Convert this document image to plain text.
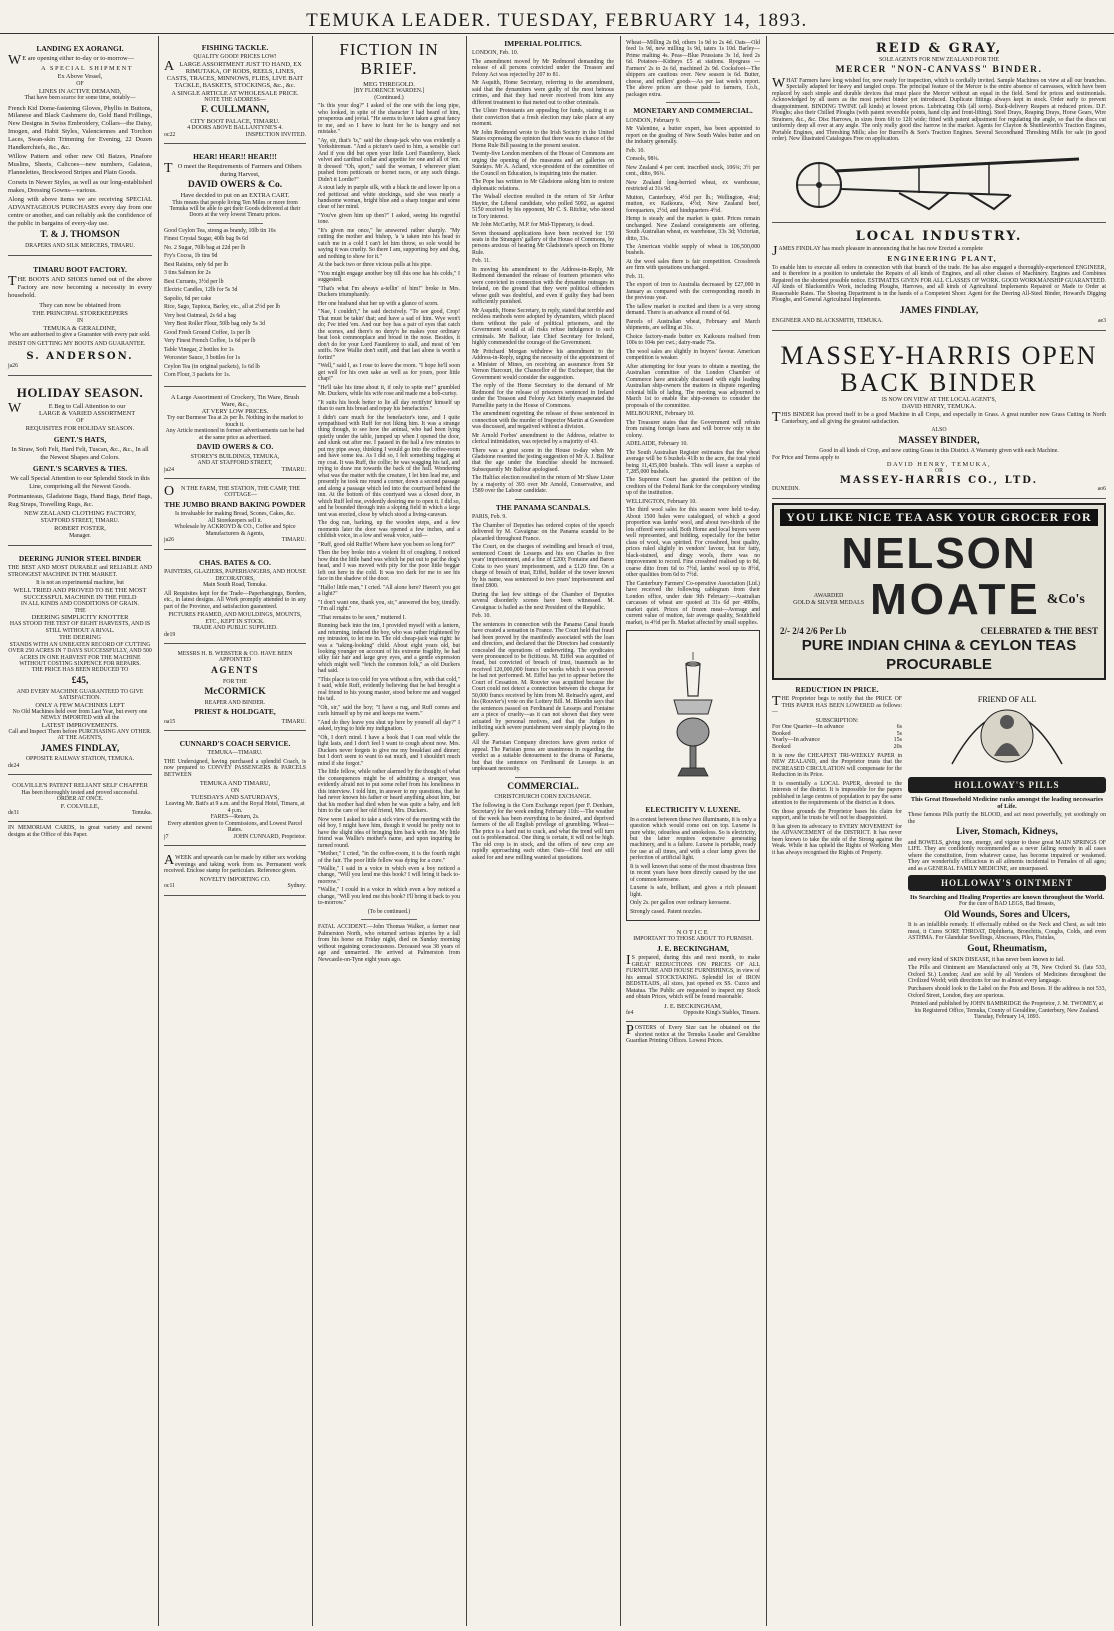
TEMUKA LEADER. TUESDAY, FEBRUARY 14, 1893.
LANDING EX AORANGI.
WE are opening either to-day or to-morrow—
A SPECIAL SHIPMENT
Ex Above Vessel,
OF
LINES IN ACTIVE DEMAND,
That have been scarce for some time, notably—
French Kid Dome-fastening Gloves, Phyllis in Buttons, Milanese and Black Cashmere do, Gold Band Frillings, New Designs in Swiss Embroidery, Collars—the Daisy, Imogen, and Habit Styles, Valenciennes and Torchon Laces, Swan-skin Trimming for Evening, 22 Dozen Handkerchiefs, &c., &c.
Willow Pattern and other new Oil Baizes, Pinafore Muslins, Sheets, Calicoes—new numbers, Galateas, Flannelettes, Brockwood Stripes and Plain Goods.
Corsets in Newer Styles, as well as our long-established makes, Dressing Gowns—various.
Along with above items we are receiving SPECIAL ADVANTAGEOUS PURCHASES every day from one centre or another, and can reliably ask the confidence of the public in bargains of every-day use.
T. & J. THOMSON
DRAPERS AND SILK MERCERS, TIMARU.
TIMARU BOOT FACTORY.
THE BOOTS AND SHOES turned out of the above Factory are now becoming a necessity in every household.
They can now be obtained from
THE PRINCIPAL STOREKEEPERS
IN
TEMUKA & GERALDINE,
Who are authorised to give a Guarantee with every pair sold.
INSIST ON GETTING MY BOOTS AND GUARANTEE.
S. ANDERSON.
ja26
HOLIDAY SEASON.
WE Beg to Call Attention to our
LARGE & VARIED ASSORTMENT
OF
REQUISITES FOR HOLIDAY SEASON.
GENT.'S HATS,
In Straw, Soft Felt, Hard Felt, Tuscan, &c., &c., In all the Newest Shapes and Colors.
GENT.'S SCARVES & TIES.
We call Special Attention to our Splendid Stock in this Line, comprising all the Newest Goods.
Portmanteaus, Gladstone Bags, Hand Bags, Brief Bags, Rug Straps, Travelling Rugs, &c.
NEW ZEALAND CLOTHING FACTORY,
STAFFORD STREET, TIMARU.
ROBERT FOSTER,
Manager.
DEERING JUNIOR STEEL BINDER
THE BEST AND MOST DURABLE and RELIABLE AND STRONGEST MACHINE IN THE MARKET.
It is not an experimental machine, but
WELL TRIED AND PROVED TO BE THE MOST SUCCESSFUL MACHINE IN THE FIELD
IN ALL KINDS AND CONDITIONS OF GRAIN.
THE
DEERING SIMPLICITY KNOTTER
HAS STOOD THE TEST OF EIGHT HARVESTS, AND IS STILL WITHOUT A RIVAL.
THE DEERING
STANDS WITH AN UNBEATEN RECORD OF CUTTING OVER 250 ACRES IN 7 DAYS SUCCESSFULLY, AND 500 ACRES IN ONE HARVEST FOR THE MACHINE WITHOUT COSTING SIXPENCE FOR REPAIRS.
THE PRICE HAS BEEN REDUCED TO
£45,
AND EVERY MACHINE GUARANTEED TO GIVE SATISFACTION.
ONLY A FEW MACHINES LEFT
No Old Machines held over from Last Year, but every one NEWLY IMPORTED with all the
LATEST IMPROVEMENTS.
Call and Inspect Them before PURCHASING ANY OTHER.
AT THE AGENTS,
JAMES FINDLAY,
OPPOSITE RAILWAY STATION, TEMUKA.
de24
COLVILLE'S PATENT RELIANT SELF CHAFFER
Has been thoroughly tested and proved successful.
ORDER AT ONCE.
F. COLVILLE,
de31	Temuka.
IN MEMORIAM CARDS, in great variety and newest designs at the Office of this Paper.
FISHING TACKLE.
QUALITY GOOD! PRICES LOW!
ALARGE ASSORTMENT JUST TO HAND, EX RIMUTAKA, OF RODS, REELS, LINES, CASTS, TRACES, MINNOWS, FLIES, LIVE BAIT TACKLE, BASKETS, STOCKINGS, &c., &c.
A SINGLE ARTICLE AT WHOLESALE PRICE.
NOTE THE ADDRESS—
F. CULLMANN,
CITY BOOT PALACE, TIMARU.
4 DOORS ABOVE BALLANTYNE'S 4.
oc22	INSPECTION INVITED.
HEAR! HEAR!! HEAR!!!
TO meet the Requirements of Farmers and Others during Harvest,
DAVID OWERS & Co.
Have decided to put on an EXTRA CART.
This means that people living Ten Miles or more from Temuka will be able to get their Goods delivered at their Doors at the very lowest Timaru prices.
Good Ceylon Tea, strong as brandy, 10lb tin 16s
Finest Crystal Sugar, 40lb bag 9s 6d
No. 2 Sugar, 70lb bag at 22d per lb
Fry's Cocoa, 1b tins 9d
Best Raisins, only 6d per lb
3 tins Salmon for 2s
Best Currants, 3½d per lb
Electric Candles, 12lb for 5s 3d
Sapolio, 6d per cake
Rice, Sago, Tapioca, Barley, etc., all at 2½d per lb
Very best Oatmeal, 2s 6d a bag
Very Best Roller Flour, 50lb bag only 5s 3d
Good Fresh Ground Coffee, 1s per lb
Very Finest French Coffee, 1s 6d per lb
Table Vinegar, 2 bottles for 1s
Worcester Sauce, 3 bottles for 1s
Ceylon Tea (in original packets), 1s 6d lb
Corn Flour, 3 packets for 1s.
A Large Assortment of Crockery, Tin Ware, Brush Ware, &c.,
AT VERY LOW PRICES.
Try our Burmese Tea at 2s per lb. Nothing in the market to touch it.
Any Article mentioned in former advertisements can be had at the same price as advertised.
DAVID OWERS & CO.
STOREY'S BUILDINGS, TEMUKA,
AND AT STAFFORD STREET,
ja24	TIMARU.
ON THE FARM, THE STATION, THE CAMP, THE COTTAGE—
THE JUMBO BRAND BAKING POWDER
Is invaluable for making Bread, Scones, Cakes, &c.
All Storekeepers sell it.
Wholesale by ACKROYD & CO., Coffee and Spice Manufacturers & Agents,
ja26	TIMARU.
CHAS. BATES & CO.
PAINTERS, GLAZIERS, PAPERHANGERS, AND HOUSE DECORATORS,
Main South Road, Temuka.
All Requisites kept for the Trade—Paperhangings, Borders, etc., in latest designs. All Work promptly attended to in any part of the Province, and satisfaction guaranteed.
PICTURES FRAMED, AND MOULDINGS, MOUNTS, ETC., KEPT IN STOCK.
TRADE AND PUBLIC SUPPLIED.
de19
MESSRS H. B. WEBSTER & CO. HAVE BEEN APPOINTED
AGENTS
FOR THE
McCORMICK
REAPER AND BINDER.
PRIEST & HOLDGATE,
oa15	TIMARU.
CUNNARD'S COACH SERVICE.
TEMUKA—TIMARU.
THE Undersigned, having purchased a splendid Coach, is now prepared to CONVEY PASSENGERS & PARCELS BETWEEN
TEMUKA AND TIMARU,
ON
TUESDAYS AND SATURDAYS,
Leaving Mr. Batt's at 9 a.m. and the Royal Hotel, Timaru, at 4 p.m.
FARES—Return, 2s.
Every attention given to Commissions, and Lowest Parcel Rates.
j7	JOHN CUNNARD, Proprietor.
AWEEK and upwards can be made by either sex working evenings and taking work from us. Permanent work received. Enclose stamp for particulars. Reference given.
NOVELTY IMPORTING CO.
oc11	Sydney.
FICTION IN BRIEF.
MEG THREGOLD.
[BY FLORENCE WARDEN.]
(Continued.)
"Is this your dog?" I asked of the one with the long pipe, who looked, in spite of the character I had heard of him, prosperous and jovial. "He seems to have taken a great fancy to me, and so I have to hunt for he is hungry and not mistake."
"Ay, sir, that's 'is," said the cheap-jack who was evidently a Yorkshireman. "And a picture's used to him, a sensible cur! And if you did but open your little Lord Fauntleroy, black velvet and cardinal collar and appetite for one and all of 'em. It dressed "Oh, sport," said the woman, I wherever plant pushed from petticoats or hornet races, or any such things. Didn't it Lordie?"
A stout lady in purple silk, with a black tie and lower lip on a red petticoat and white stockings, said she was nearly a handsome woman, bright blue and a sharp tongue and some clear of her mind.
"You've given him up then?" I asked, seeing his regretful tone.
"It's given me once," he answered rather sharply. "My cutting the mother and bishop, 'a 'a taken into his head to catch me in a cold I can't let him throw, so sole would be saying it was cruelty. So there I am, supporting boy and dog, and nothing to show for it."
At the back two or three vicious pulls at his pipe.
"You might engage another boy till this one has his colds," I suggested.
"That's what I'm always a-tellin' of him!" broke in Mrs. Duckers triumphantly.
Her one husband shut her up with a glance of scorn.
"Nae, I couldn't," he said decisively. "To see good, Crop! That must be takin' that; and have a sad of him. Wye won't do; I've tried 'em. And our boy has a pair of eyes that catch the scenes, and there's no deny'n he makes your ordinary beat look commonplace and broad in the nose. Besides, it don't do for your Lord Fauntleroy to stall, and most of 'em sniffs. Now Wallie don't sniff, and that last alone is worth a fortin!"
"Well," said I, as I rose to leave the room. "I hope he'll soon get well for his own sake as well as for yours, poor little chap!"
"He'll take his time about it, if only to spite me!" grumbled Mr. Duckers, while his wife rose and made me a bob-curtsy.
"It suits his book better to lie all day rectifyin' himself up than to earn his bread and repay his benefactors."
I didn't care much for the benefactor's tone, and I quite sympathised with Ruff for not liking him. It was a strange thing though, to see how the animal, who had been lying quietly under the table, jumped up when I opened the door, and slunk out after me. I paused in the hall a few minutes to put my pipe away, thinking I would go into the coffee-room and have some tea. As I did so, I felt something tugging at my coat. It was Ruff, the collie; he was wagging his tail, and trying to draw me towards the back of the hall. Wondering what was the matter with the creature, I let him lead me, and presently he took me round a corner, down a second passage and along a passage which led into the courtyard behind the inn. At the bottom of this courtyard was a closed door, in which Ruff led me, evidently desiring me to open it. I did so, and he bounded through into a sloping field in which a large tent was erected, close by which stood a living-caravan.
The dog ran, barking, up the wooden steps, and a few moments later the door was opened a few inches, and a childish voice, in a low and weak voice, said—
"Ruff, good old Ruffie! Where have you been so long for?"
Then the boy broke into a violent fit of coughing. I noticed how thin the little hand was which he put out to pat the dog's head, and I was moved with pity for the poor little beggar left out here in the cold. It was too dark for me to see his face in the shadow of the door.
"Hallo! little man," I cried. "All alone here? Haven't you got a light?"
"I don't want one, thank you, sir," answered the boy, timidly. "I'm all right."
"That remains to be seen," muttered I.
Running back into the inn, I provided myself with a lantern, and returning, induced the boy, who was rather frightened by my intrusion, to let me in. The old cheap-jack was right: he was a "taking-looking" child. About eight years old, but looking younger on account of his extreme fragility, he had silky fair hair and large grey eyes, and a gentle expression which might well "fetch the common folk," as old Duckers had said.
"This place is too cold for you without a fire, with that cold," I said, while Ruff, evidently believing that he had brought a real friend to his young master, stood before me and wagged his tail.
"Oh, sir," said the boy; "I have a rug, and Ruff comes and curls himself up by me and keeps me warm."
"And do they leave you shut up here by yourself all day?" I asked, trying to hide my indignation.
"Oh, I don't mind. I have a book that I can read while the light lasts, and I don't feel I want to cough about now. Mrs. Duckers never forgets to give me my breakfast and dinner; but I don't seem to want to eat much, and I shouldn't much mind if she forgot."
The little fellow, while rather alarmed by the thought of what the consequences might be of admitting a stranger, was evidently afraid not to put some relief from his loneliness in this interview. I told him, in answer to my questions, that he had never known his father or heard anything about him, but that his mother had died when he was quite a baby, and left him to the care of her old friend, Mrs. Duckers.
Now were I asked to take a sick view of the meeting with the old boy, I might have him, though it would be pretty not to have the slight idea of bringing him back with me. My little friend was Wallie's mother's name, and upon inquiring he turned round.
"Mother," I cried, "in the coffee-room, it is the fourth night of the fair. The poor little fellow was dying for a cure."
"Wallie," I said in a voice in which even a boy noticed a change, "Will you lend me this book? I will bring it back to-morrow."
"Wallie," I could in a voice in which even a boy noticed a change, "Will you lend me this book? I'll bring it back to you to-morrow."
(To be continued.)
FATAL ACCIDENT.—John Thomas Walker, a farmer near Palmerston North, who returned serious injuries by a fall from his horse on Friday night, died on Sunday morning without regaining consciousness. Deceased was 38 years of age and unmarried. He arrived at Palmerston from Newcastle-on-Tyne eight years ago.
IMPERIAL POLITICS.
LONDON, Feb. 10.
The amendment moved by Mr Redmond demanding the release of all persons convicted under the Treason and Felony Act was rejected by 207 to 81.
Mr Asquith, Home Secretary, referring to the amendment, said that the dynamiters were guilty of the most heinous crimes, and that they had never received from him any different treatment to that meted out to other criminals.
The Ulster Protestants are appealing for funds, stating it as their conviction that a fresh election may take place at any moment.
Mr John Redmond wrote to the Irish Society in the United States expressing the opinion that there was no chance of the Home Rule Bill passing in the present session.
Twenty-five London members of the House of Commons are urging the opening of the museums and art galleries on Sundays. Mr A. Acland, vice-president of the committee of the Council on Education, is inquiring into the matter.
The Pope has written to Mr Gladstone asking him to restore diplomatic relations.
The Walsall election resulted in the return of Sir Arthur Hayter, the Liberal candidate, who polled 5092, as against 5150 received by his opponent, Mr C. S. Ritchie, who stood in Tory interest.
Mr John McCarthy, M.P. for Mid-Tipperary, is dead.
Seven thousand applications have been received for 150 seats in the Strangers' gallery of the House of Commons, by persons anxious of hearing Mr Gladstone's speech on Home Rule.
Feb. 11.
In moving his amendment to the Address-in-Reply, Mr Redmond demanded the release of fourteen prisoners who were convicted in connection with the dynamite outrages in Ireland, on the ground that they were political offenders whose guilt was doubtful, and even if guilty they had been sufficiently punished.
Mr Asquith, Home Secretary, in reply, stated that terrible and reckless methods were adopted by dynamiters, which placed them without the pale of political prisoners, and the Government would at all risks refuse indulgence to such criminals. Mr Balfour, late Chief Secretary for Ireland, highly commended the courage of the Government.
Mr Pritchard Morgan withdrew his amendment to the Address-in-Reply, urging the necessity of the appointment of a Minister of Mines, on receiving an assurance from Sir Vernon Harcourt, the Chancellor of the Exchequer, that the Government would consider the suggestion.
The reply of the Home Secretary to the demand of Mr Redmond for the release of prisoners sentenced in Ireland under the Treason and Felony Act bitterly exasperated the Parnellite party in the House of Commons.
The amendment regretting the release of those sentenced in connection with the murder of Inspector Martin at Gweedore was discussed, and negatived without a division.
Mr Arnold Forbes' amendment to the Address, relative to clerical intimidation, was rejected by a majority of 43.
There was a great scene in the House to-day when Mr Gladstone resented the jesting suggestion of Mr A. J. Balfour that the age under the franchise should be increased. Subsequently Mr Balfour apologised.
The Halifax election resulted in the return of Mr Shaw Lister by a majority of 393 over Mr Arnold, Conservative, and 1589 over the Labour candidate.
THE PANAMA SCANDALS.
PARIS, Feb. 9.
The Chamber of Deputies has ordered copies of the speech delivered by M. Cavaignac on the Panama scandal to be placarded throughout France.
The Court, on the charges of swindling and breach of trust, sentenced Count de Lesseps and his son Charles to five years' imprisonment, and a fine of £200; Fontaine and Baron Cotta to two years' imprisonment, and a £120 fine. On a charge of breach of trust, Eiffel, builder of the tower known by his name, was sentenced to two years' imprisonment and fined £800.
During the last few sittings of the Chamber of Deputies several disorderly scenes have been witnessed. M. Cavaignac is hailed as the next President of the Republic.
Feb. 10.
The sentences in connection with the Panama Canal frauds have created a sensation in France. The Court held that fraud had been proved by the manifestly associated with the loan and directors, and declared that the Directors had constantly concealed the operations of underwriting. The syndicates were pronounced to be fictitious. M. Eiffel was acquitted of fraud, but convicted of breach of trust, inasmuch as he received 120,000,000 francs for works which it was proved he had not performed. M. Eiffel has yet to appear before the Court of Cessation. M. Rouvier was acquitted because the Court could not detect a connection between the cheque for 50,000 francs received by him from M. Reinach's agent, and his (Rouvier's) vote on the Lottery Bill. M. Blondin says that the sentences passed on Ferdinand de Lesseps and Fontaine are a piece of cruelty—as it can not shown that they were actuated by personal motives, and that the Judges in inflicting such severe punishment were simply playing to the gallery.
All the Parisian Company directors have given notice of appeal. The Parisian press are unanimous in regarding the verdict as a suitable denouement to the drama of Panama, but that the sentence on Ferdinand de Lesseps is an unpleasant necessity.
COMMERCIAL.
CHRISTCHURCH CORN EXCHANGE.
The following is the Corn Exchange report (per F. Denham, Secretary) for the week ending February 11th:—The weather of the week has been everything to be desired, and deprived farmers of the all English privilege of grumbling. Wheat—The price is a hard nut to crack, and what the trend will turn out is problematical. One thing is certain, it will not be high. The old crop is in stock, and the offers of new crop are rapidly approaching each other. Oats—Old feed are still asked for and new milling wanted at quotations.
Wheat—Milling 2s 8d, others 1s 9d to 2s 4d. Oats—Old feed 1s 9d, new milling 1s 9d, taters 1s 10d. Barley—Prime malting 4s. Peas—Blue Prussians 3s 1d, feed 2s 6d. Potatoes—Kidneys £5 at stations. Ryegrass — Farmers' 2s to 2s 6d, machined 2s 9d. Cocksfoot—The shippers are cautious over. New season is 6d. Butter, cheese, and millers' goods—As per last week's report. The above prices are those paid to farmers, f.o.b., packages extra.
MONETARY AND COMMERCIAL.
LONDON, February 9.
Mr Valentine, a butter expert, has been appointed to report on the grading of New South Wales butter and on the industry generally.
Feb. 10.
Consols, 98¼.
New Zealand 4 per cent. inscribed stock, 106¼; 3½ per cent., ditto, 96¼.
New Zealand long-berried wheat, ex warehouse, restricted at 31s 9d.
Mutton, Canterbury, 4½d per lb.; Wellington, 4⅛d; mutton, ex Kaikoura, 4½d; New Zealand beef, forequarters, 2½d, and hindquarters 4½d.
Hemp is steady and the market is quiet. Prices remain unchanged. New Zealand consignments are offering. South Australian wheat, ex warehouse, 33s 3d; Victorian, ditto, 33s.
The American visible supply of wheat is 106,500,000 bushels.
At the wool sales there is fair competition. Crossbreds are firm with quotations unchanged.
Feb. 11.
The export of iron to Australia decreased by £27,000 in January as compared with the corresponding month in the previous year.
The tallow market is excited and there is a very strong demand. There is an advance all round of 6d.
Parcels of Australian wheat, February and March shipments, are selling at 31s.
Choice factory-made butter ex Kaikoura realised from 100s to 104s per cwt.; dairy-made 75s.
The wool sales are slightly in buyers' favour. American competition is weaker.
After attempting for four years to obtain a meeting, the Australian committee of the London Chamber of Commerce have amicably discussed with eight leading Australian ship-owners the matters in dispute regarding colonial bills of lading. The meeting was adjourned to March 1st to enable the ship-owners to consider the proposals of the committee.
MELBOURNE, February 10.
The Treasurer states that the Government will refrain from raising foreign loans and will borrow only in the colony.
ADELAIDE, February 10.
The South Australian Register estimates that the wheat average will be 6 bushels 41lb to the acre, the total yield being 11,435,000 bushels. This will leave a surplus of 7,285,000 bushels.
The Supreme Court has granted the petition of the creditors of the Federal Bank for the compulsory winding up of the institution.
WELLINGTON, February 10.
The third wool sales for this season were held to-day. About 1500 bales were catalogued, of which a good proportion was lambs' wool, and about two-thirds of the lots offered were sold. Both Home and local buyers were well represented, and bidding, especially for the better class of wool, was spirited. For crossbred, best quality, prices ruled slightly in vendors' favour, but for fatty, black-stained, and dingy wools, there was no improvement to record. Fine crossbred realised up to 8d, coarse ditto from 6d to 7½d, lambs' wool up to 8½d, other qualities from 6d to 7½d.
The Canterbury Farmers' Co-operative Association (Ltd.) have received the following cablegram from their London office, under date 9th February:—Australian carcasses of wheat are quoted at 31s 6d per 480lbs, market quiet. Prices of frozen meat—Average and current value of mutton, fair average quality, Southfield market, is 4½d per lb. Market affected by small supplies.
ELECTRICITY V. LUXENE.
In a contest between these two illuminants, it is only a question which would come out on top. Luxene is pure white, odourless and smokeless. So is electricity, but the latter requires expensive generating machinery, and is a failure. Luxene is portable, ready for use at all times, and with a clear lamp gives the perfection of artificial light.
It is well known that some of the most disastrous fires in recent years have been directly caused by the use of common kerosene.
Luxene is safe, brilliant, and gives a rich pleasant light.
Only 2s. per gallon over ordinary kerosene.
Strongly cased. Patent nozzles.
NOTICE
IMPORTANT TO THOSE ABOUT TO FURNISH.
J. E. BECKINGHAM,
IS prepared, during this and next month, to make GREAT REDUCTIONS ON PRICES OF ALL FURNITURE AND HOUSE FURNISHINGS, in view of his annual STOCKTAKING. Splendid lot of IRON BEDSTEADS, all sizes, just opened ex SS. Cuzco and Matatua. The Public are requested to inspect my Stock and obtain Prices, which will be found reasonable.
J. E. BECKINGHAM,
fe4	Opposite King's Stables, Timaru.
POSTERS of Every Size can be obtained on the shortest notice at the Temuka Leader and Geraldine Guardian Printing Offices. Lowest Prices.
REID & GRAY,
SOLE AGENTS FOR NEW ZEALAND FOR THE
MERCER "NON-CANVASS" BINDER.
WHAT Farmers have long wished for, now ready for inspection, which is cordially invited. Sample Machines on view at all our branches. Specially adapted for heavy and tangled crops. The principal feature of the Mercer is the entire absence of canvasses, which have been replaced by such simple and durable devices that must place the Mercer without an equal in the field. Send for prices and testimonials. Acknowledged by all users as the most perfect binder yet introduced. Duplicate fittings always kept in stock. Order early to prevent disappointment. BINDING TWINE (all kinds) at lowest prices. Lubricating Oils (all sorts). Buck-delivery Reapers at reduced prices. D.F. Ploughs; also their Chilled Ploughs (with patent reversible points, hand clip and front-lifting). Steel Drays, Reaping Drays, Horse Gears, Wire Strainers, &c., &c. Disc Harrows, in sizes from 6ft to 12ft wide; fitted with patent adjustment for regulating the angle, so that the discs cut uniformly deep all over at any angle. The only really good disc harrow in the market. Agents for Clayton & Shuttleworth's Traction Engines, Portable Engines, and Threshing Mills; also for Burrell's & Son's Traction Engines. Several Secondhand Threshing Mills for sale (in good order). New illustrated Catalogues Free on application.
LOCAL INDUSTRY.
JAMES FINDLAY has much pleasure in announcing that he has now Erected a complete
ENGINEERING PLANT,
To enable him to execute all orders in connection with that branch of the trade. He has also engaged a thoroughly-experienced ENGINEER, and is therefore in a position to undertake the Repairs of all kinds of Engines, and all other classes of Machinery. Engines and Combines Repaired on the shortest possible notice. ESTIMATES GIVEN FOR ALL CLASSES OF WORK. GOOD WORKMANSHIP GUARANTEED. All kinds of Blacksmith's Work, including Ploughs, Harrows, and all kinds of Agricultural Implements Repaired or Made to Order at Reasonable Rates. The Shoeing Department is in the hands of a Competent Shoer. Agent for the Deering All-Steel Binder, Howard's Digging Ploughs, and General Agricultural Implements.
JAMES FINDLAY,
ENGINEER AND BLACKSMITH, TEMUKA.	ae3
MASSEY-HARRIS OPEN BACK BINDER
IS NOW ON VIEW AT THE LOCAL AGENT'S,
DAVID HENRY, TEMUKA.
THIS BINDER has proved itself to be a good Machine in all Crops, and especially in Grass. A great number now Grass Cutting in North Canterbury, and all giving the greatest satisfaction.
ALSO
MASSEY BINDER,
Good in all kinds of Crop, and now cutting Grass in this District. A Warranty given with each Machine.
For Price and Terms apply to
DAVID HENRY, TEMUKA,
OR
MASSEY-HARRIS CO., LTD.
DUNEDIN.	ao6
YOU LIKE NICE TEA ASK YOUR GROCER FOR
NELSON
AWARDED
GOLD & SILVER MEDALS MOATE &Co's
2/- 2/4 2/6 Per Lb	CELEBRATED & THE BEST
PURE INDIAN CHINA & CEYLON TEAS
PROCURABLE
REDUCTION IN PRICE.
THE Proprietor begs to notify that the PRICE OF THIS PAPER HAS BEEN LOWERED as follows:—
SUBSCRIPTION:
For One Quarter—In advance	6s
Booked	5s
Yearly—In advance	15s
Booked	20s
It is now the CHEAPEST TRI-WEEKLY PAPER in NEW ZEALAND, and the Proprietor trusts that the INCREASED CIRCULATION will compensate for the Reduction in its Price.
It is essentially a LOCAL PAPER, devoted to the interests of the district. It is impossible for the papers published in large centres of population to pay the same attention to the requirements of the district as it does.
On those grounds the Proprietor bases his claim for support, and he trusts he will not be disappointed.
It has given its advocacy to EVERY MOVEMENT for the ADVANCEMENT of the DISTRICT. It has never been known to take the side of the Strong against the Weak. While it has upheld the Rights of Working Men it has always recognised the Rights of Property.
FRIEND OF ALL
HOLLOWAY'S PILLS
This Great Household Medicine ranks amongst the leading necessaries of Life.
These famous Pills purify the BLOOD, and act most powerfully, yet soothingly on the
Liver, Stomach, Kidneys,
and BOWELS, giving tone, energy, and vigour to these great MAIN SPRINGS OF LIFE. They are confidently recommended as a never failing remedy in all cases where the constitution, from whatever cause, has become impaired or weakened. They are wonderfully efficacious in all ailments incidental to Females of all ages; and as a GENERAL FAMILY MEDICINE, are unsurpassed.
HOLLOWAY'S OINTMENT
Its Searching and Healing Properties are known throughout the World.
For the cure of BAD LEGS, Bad Breasts,
Old Wounds, Sores and Ulcers,
It is an infallible remedy. If effectually rubbed on the Neck and Chest, as salt into meat, it Cures SORE THROAT, Diphtheria, Bronchitis, Coughs, Colds, and even ASTHMA. For Glandular Swellings, Abscesses, Piles, Fistulas,
Gout, Rheumatism,
and every kind of SKIN DISEASE, it has never been known to fail.
The Pills and Ointment are Manufactured only at 78, New Oxford St. (late 533, Oxford St.) London; And are sold by all Vendors of Medicines throughout the Civilized World; with directions for use in almost every language.
Purchasers should look to the Label on the Pots and Boxes. If the address is not 533, Oxford Street, London, they are spurious.
Printed and published by JOHN BAMBRIDGE the Proprietor, J. M. TWOMEY, at his Registered Office, Temuka, County of Geraldine, Canterbury, New Zealand.
Tuesday, February 14, 1893.
